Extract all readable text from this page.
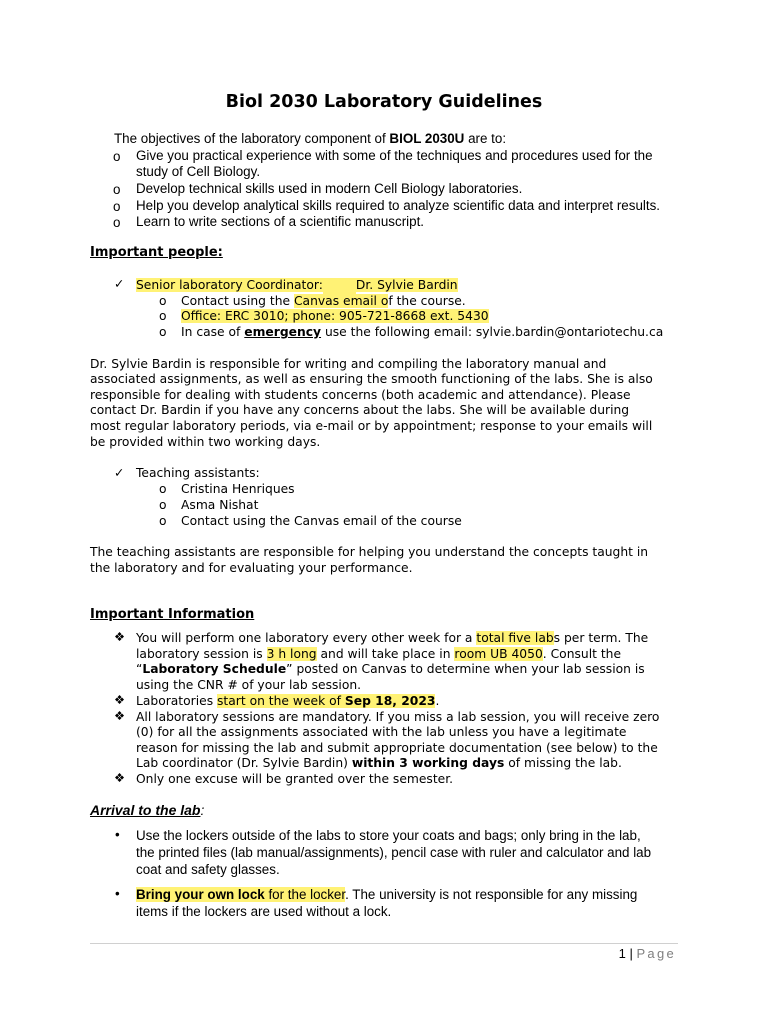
Biol 2030 Laboratory Guidelines
The objectives of the laboratory component of BIOL 2030U are to:
o Give you practical experience with some of the techniques and procedures used for the
study of Cell Biology.
o Develop technical skills used in modern Cell Biology laboratories.
o Help you develop analytical skills required to analyze scientific data and interpret results.
o Learn to write sections of a scientific manuscript.
Important people:
✓ Senior laboratory Coordinator:	Dr. Sylvie Bardin
o Contact using the Canvas email of the course.
o Office: ERC 3010; phone: 905-721-8668 ext. 5430
o In case of emergency use the following email: sylvie.bardin@ontariotechu.ca
Dr. Sylvie Bardin is responsible for writing and compiling the laboratory manual and
associated assignments, as well as ensuring the smooth functioning of the labs. She is also
responsible for dealing with students concerns (both academic and attendance). Please
contact Dr. Bardin if you have any concerns about the labs. She will be available during
most regular laboratory periods, via e-mail or by appointment; response to your emails will
be provided within two working days.
✓ Teaching assistants:
o Cristina Henriques
o Asma Nishat
o Contact using the Canvas email of the course
The teaching assistants are responsible for helping you understand the concepts taught in
the laboratory and for evaluating your performance.
Important Information
❖ You will perform one laboratory every other week for a total five labs per term. The
laboratory session is 3 h long and will take place in room UB 4050. Consult the
“Laboratory Schedule” posted on Canvas to determine when your lab session is
using the CNR # of your lab session.
❖ Laboratories start on the week of Sep 18, 2023.
❖ All laboratory sessions are mandatory. If you miss a lab session, you will receive zero
(0) for all the assignments associated with the lab unless you have a legitimate
reason for missing the lab and submit appropriate documentation (see below) to the
Lab coordinator (Dr. Sylvie Bardin) within 3 working days of missing the lab.
❖ Only one excuse will be granted over the semester.
Arrival to the lab:
• Use the lockers outside of the labs to store your coats and bags; only bring in the lab,
the printed files (lab manual/assignments), pencil case with ruler and calculator and lab
coat and safety glasses.
• Bring your own lock for the locker. The university is not responsible for any missing
items if the lockers are used without a lock.
1 | Page
